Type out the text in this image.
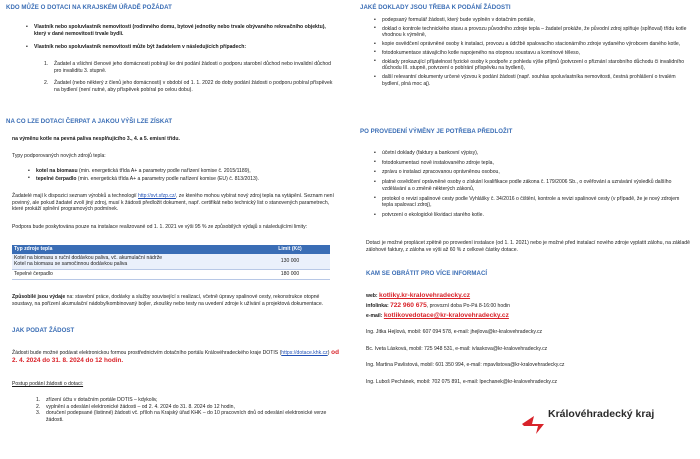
KDO MŮŽE O DOTACI NA KRAJSKÉM ÚŘADĚ POŽÁDAT
▪ Vlastník nebo spoluvlastník nemovitosti (rodinného domu, bytové jednotky nebo trvale obývaného rekreačního objektu), který v dané nemovitosti trvale bydlí.
▪ Vlastník nebo spoluvlastník nemovitosti může být žadatelem v následujících případech:
1. Žadatel a všichni členové jeho domácnosti pobírají ke dni podání žádosti o podporu starobní důchod nebo invalidní důchod pro invaliditu 3. stupně.
2. Žadatel (nebo některý z členů jeho domácnosti) v období od 1. 1. 2022 do doby podání žádosti o podporu pobíral příspěvek na bydlení (není nutné, aby příspěvek pobíral po celou dobu).
NA CO LZE DOTACI ČERPAT A JAKOU VÝŠI LZE ZÍSKAT
na výměnu kotle na pevná paliva nesplňujícího 3., 4. a 5. emisní třídu.
Typy podporovaných nových zdrojů tepla:
▪ kotel na biomasu (min. energetická třída A+ a parametry podle nařízení komise č. 2015/1189),
▪ tepelné čerpadlo (min. energetická třída A+ a parametry podle nařízení komise (EU) č. 813/2013).
Žadatelé mají k dispozici seznam výrobků a technologií http://svt.sfzp.cz/, ze kterého mohou vybírat nový zdroj tepla na vytápění. Seznam není povinný, ale pokud žadatel zvolí jiný zdroj, musí k žádosti předložit dokument, např. certifikát nebo technický list o stanovených parametrech, které prokáží splnění programových podmínek.
Podpora bude poskytována pouze na instalace realizované od 1. 1. 2021 ve výši 95 % ze způsobilých výdajů s následujícími limity:
Typ zdroje tepla	Limit (Kč)

Kotel na biomasu s ruční dodávkou paliva, vč. akumulační nádrže
Kotel na biomasu se samočinnou dodávkou paliva	130 000
Tepelné čerpadlo	180 000
Způsobilé jsou výdaje na: stavební práce, dodávky a služby související s realizací, včetně úpravy spalinové cesty, rekonstrukce otopné soustavy, na pořízení akumulační nádoby/kombinovaný bojler, zkoušky nebo testy na uvedení zdroje k užívání a projektová dokumentace.
JAK PODAT ŽÁDOST
Žádosti bude možné podávat elektronickou formou prostřednictvím dotačního portálu Královéhradeckého kraje DOTIS (https://dotace.khk.cz) od 2. 4. 2024 do 31. 8. 2024 do 12 hodin.
Postup podání žádosti o dotaci:
1. zřízení účtu v dotačním portále DOTIS – kdykoliv,
2. vyplnění a odeslání elektronické žádosti – od 2. 4. 2024 do 31. 8. 2024 do 12 hodin,
3. doručení podepsané (listinné) žádosti vč. příloh na Krajský úřad KHK – do 10 pracovních dnů od odeslání elektronické verze žádosti.
JAKÉ DOKLADY JSOU TŘEBA K PODÁNÍ ŽÁDOSTI
▪ podepsaný formulář žádosti, který bude vyplněn v dotačním portále,
▪ doklad o kontrole technického stavu a provozu původního zdroje tepla – žadatel prokáže, že původní zdroj splňuje (spĺňoval) třídu kotle vhodnou k výměně,
▪ kopie osvědčení oprávněné osoby k instalaci, provozu a údržbě spalovacího stacionárního zdroje vydaného výrobcem daného kotle,
▪ fotodokumentace stávajícího kotle napojeného na otopnou soustavu a komínové těleso,
▪ doklady prokazující příjatelnost fyzické osoby k podpoře z pohledu výše příjmů (potvrzení o přiznání starobního důchodu či invalidního důchodu III. stupně, potvrzení o pobírání příspěvku na bydlení),
▪ další relevantní dokumenty určené výzvou k podání žádosti (např. souhlas spoluvlastníka nemovitosti, čestná prohlášení o trvalém bydlení, plná moc aj).
PO PROVEDENÍ VÝMĚNY JE POTŘEBA PŘEDLOŽIT
▪ účetní doklady (faktury a bankovní výpisy),
▪ fotodokumentaci nově instalovaného zdroje tepla,
▪ zprávu o instalaci zpracovanou oprávněnou osobou,
▪ platné osvědčení oprávněné osoby o získání kvalifikace podle zákona č. 179/2006 Sb., o ověřování a uznávání výsledků dalšího vzdělávání a o změně některých zákonů,
▪ protokol o revizi spalinové cesty podle Vyhlášky č. 34/2016 o čištění, kontrole a revizi spalinové cesty (v případě, že je nový zdrojem tepla spalovací zdroj),
▪ potvrzení o ekologické likvidaci starého kotle.
Dotaci je možné proplácet zpětně po provedení instalace (od 1. 1. 2021) nebo je možné před instalací nového zdroje vyplatit zálohu, na základě zálohové faktury, z záloha ve výši až 60 % z celkové částky dotace.
KAM SE OBRÁTIT PRO VÍCE INFORMACÍ
web: kotliky.kr-kralovehradecky.cz
infolinka: 722 960 675, provozní doba Po-Pá 8-16:00 hodin
e-mail: kotlikovedotace@kr-kralovehradecky.cz
Ing. Jitka Hejlová, mobil: 607 094 578, e-mail: jhejlova@kr-kralovehradecky.cz
Bc. Iveta Lásková, mobil: 725 948 531, e-mail: ivlaskova@kr-kralovehradecky.cz
Ing. Martina Pavlistová, mobil: 601 350 994, e-mail: mpavlistova@kr-kralovehradecky.cz
Ing. Luboš Pechánek, mobil: 702 075 891, e-mail: lpechanek@kr-kralovehradecky.cz
Královéhradecký kraj
